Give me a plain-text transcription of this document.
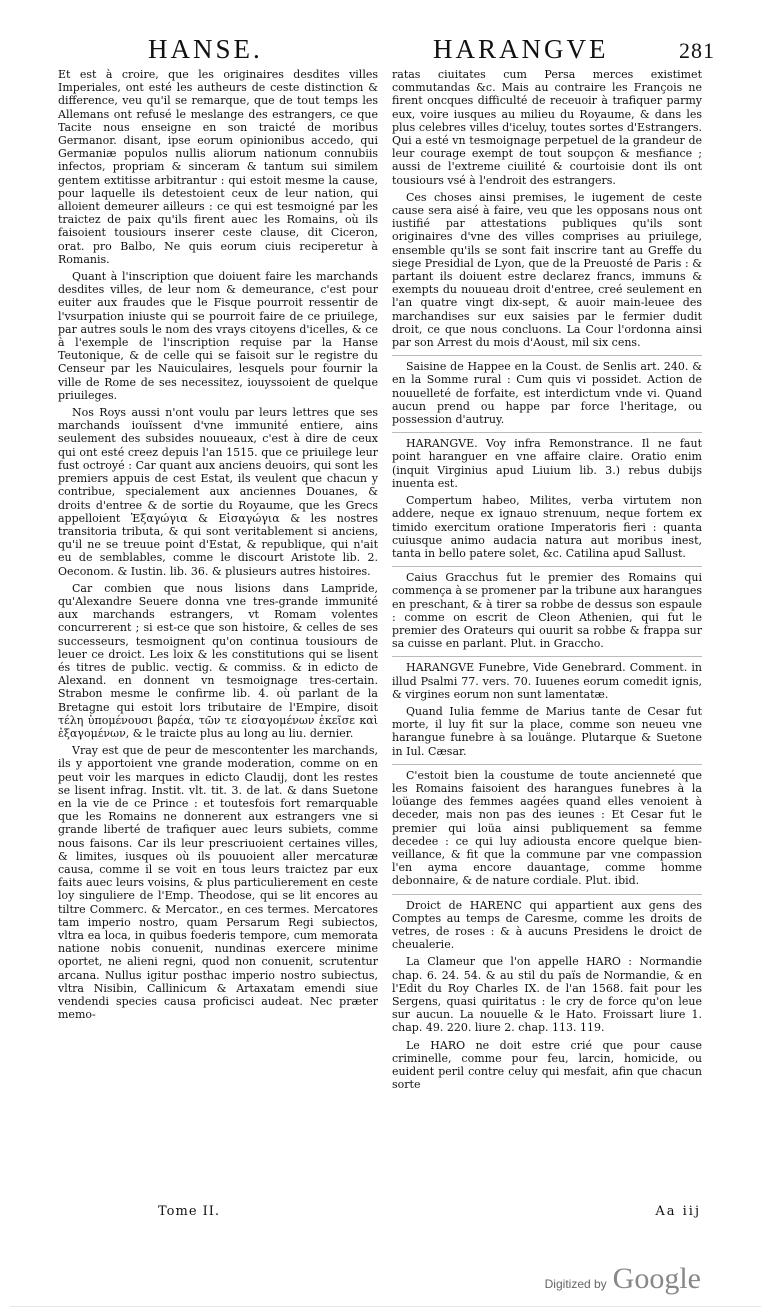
HANSE.	HARANGVE	281

Et est à croire, que les originaires desdites villes Imperiales, ont esté les autheurs de ceste distinction & difference, veu qu'il se remarque, que de tout temps les Allemans ont refusé le meslange des estrangers, ce que Tacite nous enseigne en son traicté de moribus Germanor. disant, ipse eorum opinionibus accedo, qui Germaniæ populos nullis aliorum nationum connubiis infectos, propriam & sinceram & tantum sui similem gentem extitisse arbitrantur : qui estoit mesme la cause, pour laquelle ils detestoient ceux de leur nation, qui alloient demeurer ailleurs : ce qui est tesmoigné par les traictez de paix qu'ils firent auec les Romains, où ils faisoient tousiours inserer ceste clause, dit Ciceron, orat. pro Balbo, Ne quis eorum ciuis reciperetur à Romanis.

Quant à l'inscription que doiuent faire les marchands desdites villes, de leur nom & demeurance, c'est pour euiter aux fraudes que le Fisque pourroit ressentir de l'vsurpation iniuste qui se pourroit faire de ce priuilege, par autres souls le nom des vrays citoyens d'icelles, & ce à l'exemple de l'inscription requise par la Hanse Teutonique, & de celle qui se faisoit sur le registre du Censeur par les Nauiculaires, lesquels pour fournir la ville de Rome de ses necessitez, iouyssoient de quelque priuileges.

Nos Roys aussi n'ont voulu par leurs lettres que ses marchands iouïssent d'vne immunité entiere, ains seulement des subsides nouueaux, c'est à dire de ceux qui ont esté creez depuis l'an 1515. que ce priuilege leur fust octroyé : Car quant aux anciens deuoirs, qui sont les premiers appuis de cest Estat, ils veulent que chacun y contribue, specialement aux anciennes Douanes, & droits d'entree & de sortie du Royaume, que les Grecs appelloient Ἐξαγώγια & Εἰσαγώγια & les nostres transitoria tributa, & qui sont veritablement si anciens, qu'il ne se treuue point d'Estat, & republique, qui n'ait eu de semblables, comme le discourt Aristote lib. 2. Oeconom. & Iustin. lib. 36. & plusieurs autres histoires.

Car combien que nous lisions dans Lampride, qu'Alexandre Seuere donna vne tres-grande immunité aux marchands estrangers, vt Romam volentes concurrerent ; si est-ce que son histoire, & celles de ses successeurs, tesmoignent qu'on continua tousiours de leuer ce droict. Les loix & les constitutions qui se lisent és titres de public. vectig. & commiss. & in edicto de Alexand. en donnent vn tesmoignage tres-certain. Strabon mesme le confirme lib. 4. où parlant de la Bretagne qui estoit lors tributaire de l'Empire, disoit τέλη ὑπομένουσι βαρέα, τῶν τε εἰσαγομένων ἐκεῖσε καὶ ἐξαγομένων, & le traicte plus au long au liu. dernier.

Vray est que de peur de mescontenter les marchands, ils y apportoient vne grande moderation, comme on en peut voir les marques in edicto Claudij, dont les restes se lisent infrag. Instit. vlt. tit. 3. de lat. & dans Suetone en la vie de ce Prince : et toutesfois fort remarquable que les Romains ne donnerent aux estrangers vne si grande liberté de trafiquer auec leurs subiets, comme nous faisons. Car ils leur prescriuoient certaines villes, & limites, iusques où ils pouuoient aller mercaturæ causa, comme il se voit en tous leurs traictez par eux faits auec leurs voisins, & plus particulierement en ceste loy singuliere de l'Emp. Theodose, qui se lit encores au tiltre Commerc. & Mercator., en ces termes. Mercatores tam imperio nostro, quam Persarum Regi subiectos, vltra ea loca, in quibus foederis tempore, cum memorata natione nobis conuenit, nundinas exercere minime oportet, ne alieni regni, quod non conuenit, scrutentur arcana. Nullus igitur posthac imperio nostro subiectus, vltra Nisibin, Callinicum & Artaxatam emendi siue vendendi species causa proficisci audeat. Nec præter memo-

ratas ciuitates cum Persa merces existimet commutandas &c. Mais au contraire les François ne firent oncques difficulté de receuoir à trafiquer parmy eux, voire iusques au milieu du Royaume, & dans les plus celebres villes d'iceluy, toutes sortes d'Estrangers. Qui a esté vn tesmoignage perpetuel de la grandeur de leur courage exempt de tout soupçon & mesfiance ; aussi de l'extreme ciuilité & courtoisie dont ils ont tousiours vsé à l'endroit des estrangers.

Ces choses ainsi premises, le iugement de ceste cause sera aisé à faire, veu que les opposans nous ont iustifié par attestations publiques qu'ils sont originaires d'vne des villes comprises au priuilege, ensemble qu'ils se sont fait inscrire tant au Greffe du siege Presidial de Lyon, que de la Preuosté de Paris : & partant ils doiuent estre declarez francs, immuns & exempts du nouueau droit d'entree, creé seulement en l'an quatre vingt dix-sept, & auoir main-leuee des marchandises sur eux saisies par le fermier dudit droit, ce que nous concluons. La Cour l'ordonna ainsi par son Arrest du mois d'Aoust, mil six cens.

Saisine de Happee en la Coust. de Senlis art. 240. & en la Somme rural : Cum quis vi possidet. Action de nouuelleté de forfaite, est interdictum vnde vi. Quand aucun prend ou happe par force l'heritage, ou possession d'autruy.

HARANGVE. Voy infra Remonstrance. Il ne faut point haranguer en vne affaire claire. Oratio enim (inquit Virginius apud Liuium lib. 3.) rebus dubijs inuenta est.

Compertum habeo, Milites, verba virtutem non addere, neque ex ignauo strenuum, neque fortem ex timido exercitum oratione Imperatoris fieri : quanta cuiusque animo audacia natura aut moribus inest, tanta in bello patere solet, &c. Catilina apud Sallust.

Caius Gracchus fut le premier des Romains qui commença à se promener par la tribune aux harangues en preschant, & à tirer sa robbe de dessus son espaule : comme on escrit de Cleon Athenien, qui fut le premier des Orateurs qui ouurit sa robbe & frappa sur sa cuisse en parlant. Plut. in Graccho.

HARANGVE Funebre, Vide Genebrard. Comment. in illud Psalmi 77. vers. 70. Iuuenes eorum comedit ignis, & virgines eorum non sunt lamentatæ.

Quand Iulia femme de Marius tante de Cesar fut morte, il luy fit sur la place, comme son neueu vne harangue funebre à sa louänge. Plutarque & Suetone in Iul. Cæsar.

C'estoit bien la coustume de toute ancienneté que les Romains faisoient des harangues funebres à la loüange des femmes aagées quand elles venoient à deceder, mais non pas des ieunes : Et Cesar fut le premier qui loüa ainsi publiquement sa femme decedee : ce qui luy adiousta encore quelque bien-veillance, & fit que la commune par vne compassion l'en ayma encore dauantage, comme homme debonnaire, & de nature cordiale. Plut. ibid.

Droict de HARENC qui appartient aux gens des Comptes au temps de Caresme, comme les droits de vetres, de roses : & à aucuns Presidens le droict de cheualerie.

La Clameur que l'on appelle HARO : Normandie chap. 6. 24. 54. & au stil du païs de Normandie, & en l'Edit du Roy Charles IX. de l'an 1568. fait pour les Sergens, quasi quiritatus : le cry de force qu'on leue sur aucun. La nouuelle & le Hato. Froissart liure 1. chap. 49. 220. liure 2. chap. 113. 119.

Le HARO ne doit estre crié que pour cause criminelle, comme pour feu, larcin, homicide, ou euident peril contre celuy qui mesfait, afin que chacun sorte

Tome II.	Aa iij
Digitized by Google
